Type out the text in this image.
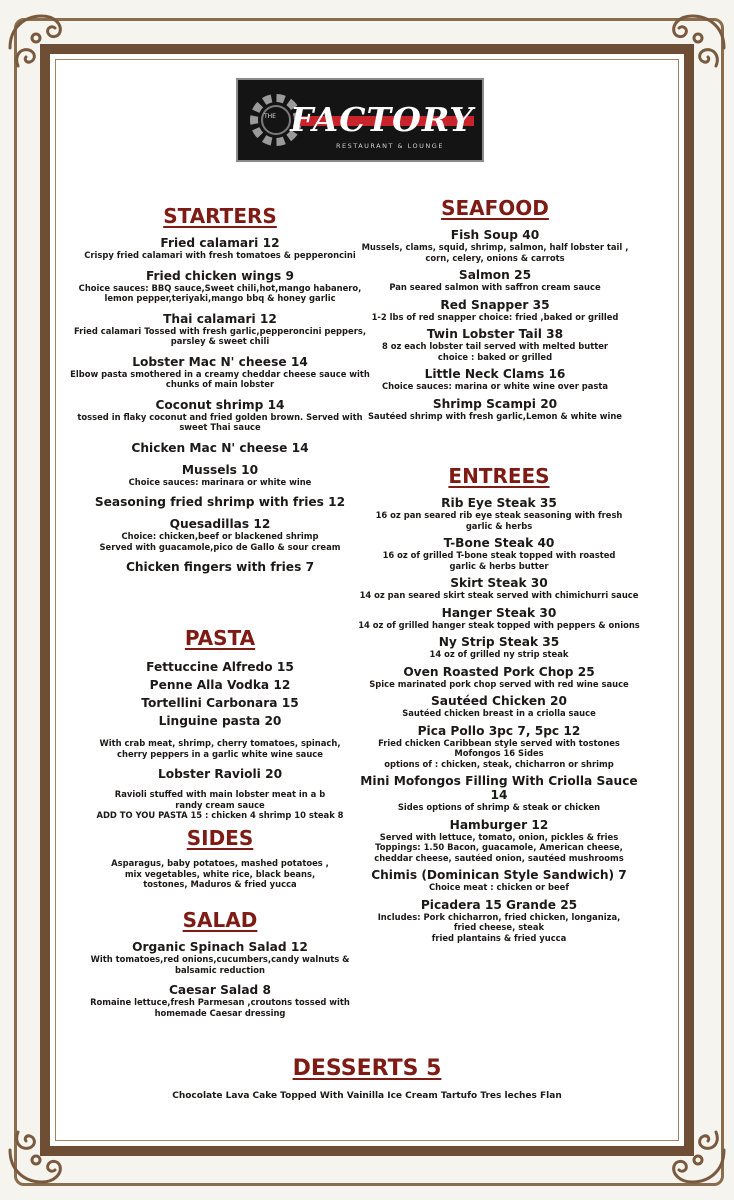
THE FACTORY
RESTAURANT & LOUNGE
STARTERS
Fried calamari 12
Crispy fried calamari with fresh tomatoes & pepperoncini
Fried chicken wings 9
Choice sauces: BBQ sauce,Sweet chili,hot,mango habanero,
lemon pepper,teriyaki,mango bbq & honey garlic
Thai calamari 12
Fried calamari Tossed with fresh garlic,pepperoncini peppers,
parsley & sweet chili
Lobster Mac N' cheese 14
Elbow pasta smothered in a creamy cheddar cheese sauce with
chunks of main lobster
Coconut shrimp 14
tossed in flaky coconut and fried golden brown. Served with
sweet Thai sauce
Chicken Mac N' cheese 14
Mussels 10
Choice sauces: marinara or white wine
Seasoning fried shrimp with fries 12
Quesadillas 12
Choice: chicken,beef or blackened shrimp
Served with guacamole,pico de Gallo & sour cream
Chicken fingers with fries 7
PASTA
Fettuccine Alfredo 15
Penne Alla Vodka 12
Tortellini Carbonara 15
Linguine pasta 20
With crab meat, shrimp, cherry tomatoes, spinach,
cherry peppers in a garlic white wine sauce
Lobster Ravioli 20
Ravioli stuffed with main lobster meat in a b
randy cream sauce
ADD TO YOU PASTA 15 : chicken 4 shrimp 10 steak 8
SIDES
Asparagus, baby potatoes, mashed potatoes ,
mix vegetables, white rice, black beans,
tostones, Maduros & fried yucca
SALAD
Organic Spinach Salad 12
With tomatoes,red onions,cucumbers,candy walnuts &
balsamic reduction
Caesar Salad 8
Romaine lettuce,fresh Parmesan ,croutons tossed with
homemade Caesar dressing
SEAFOOD
Fish Soup 40
Mussels, clams, squid, shrimp, salmon, half lobster tail ,
corn, celery, onions & carrots
Salmon 25
Pan seared salmon with saffron cream sauce
Red Snapper 35
1-2 lbs of red snapper choice: fried ,baked or grilled
Twin Lobster Tail 38
8 oz each lobster tail served with melted butter
choice : baked or grilled
Little Neck Clams 16
Choice sauces: marina or white wine over pasta
Shrimp Scampi 20
Sautéed shrimp with fresh garlic,Lemon & white wine
ENTREES
Rib Eye Steak 35
16 oz pan seared rib eye steak seasoning with fresh
garlic & herbs
T-Bone Steak 40
16 oz of grilled T-bone steak topped with roasted
garlic & herbs butter
Skirt Steak 30
14 oz pan seared skirt steak served with chimichurri sauce
Hanger Steak 30
14 oz of grilled hanger steak topped with peppers & onions
Ny Strip Steak 35
14 oz of grilled ny strip steak
Oven Roasted Pork Chop 25
Spice marinated pork chop served with red wine sauce
Sautéed Chicken 20
Sautéed chicken breast in a criolla sauce
Pica Pollo 3pc 7, 5pc 12
Fried chicken Caribbean style served with tostones
Mofongos 16 Sides
options of : chicken, steak, chicharron or shrimp
Mini Mofongos Filling With Criolla Sauce 14
Sides options of shrimp & steak or chicken
Hamburger 12
Served with lettuce, tomato, onion, pickles & fries
Toppings: 1.50 Bacon, guacamole, American cheese,
cheddar cheese, sautéed onion, sautéed mushrooms
Chimis (Dominican Style Sandwich) 7
Choice meat : chicken or beef
Picadera 15 Grande 25
Includes: Pork chicharron, fried chicken, longaniza,
fried cheese, steak
fried plantains & fried yucca
DESSERTS 5
Chocolate Lava Cake Topped With Vainilla Ice Cream Tartufo Tres leches Flan
